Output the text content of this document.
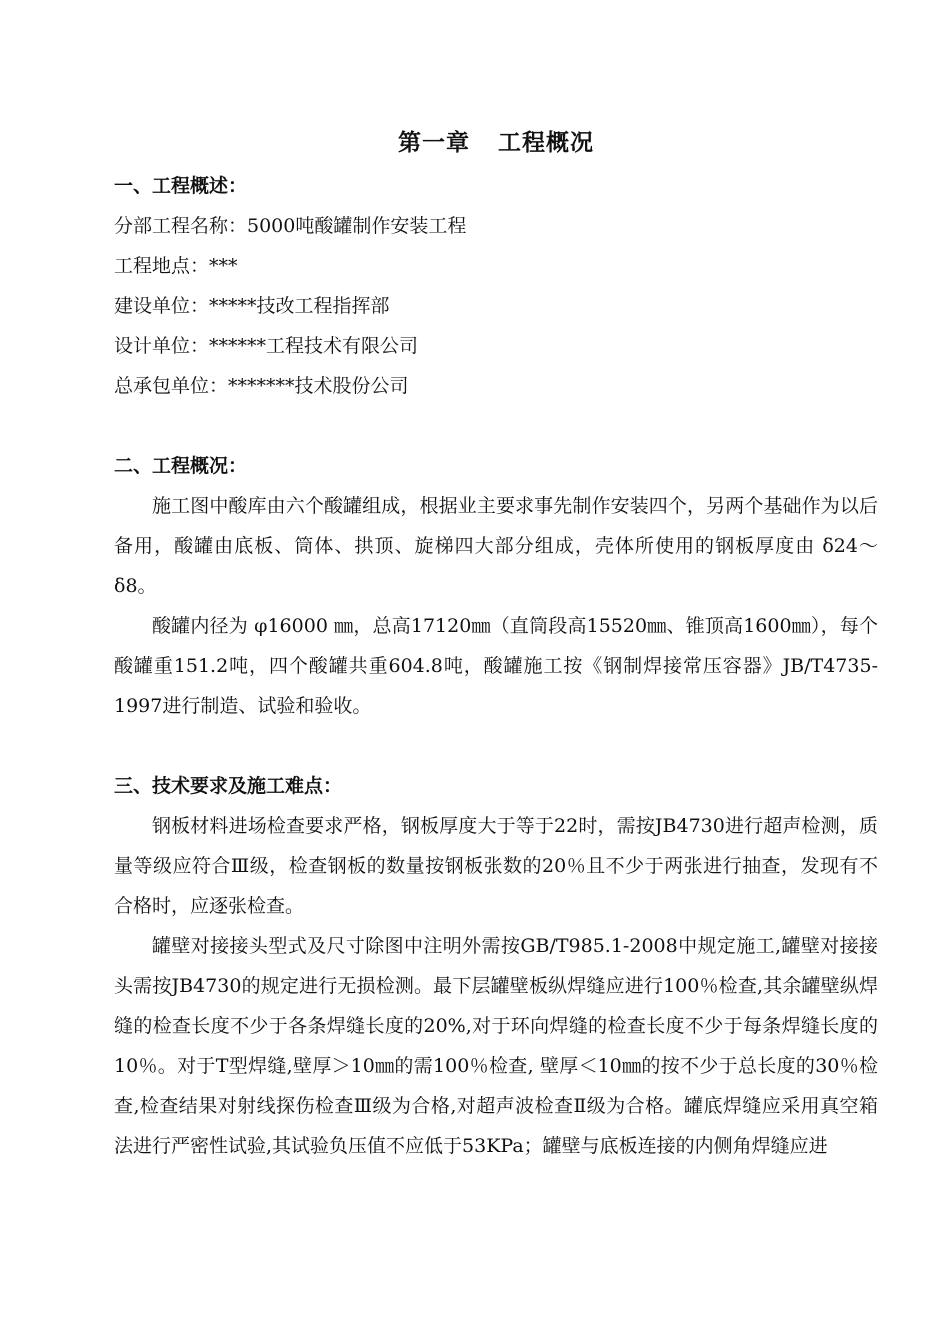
第一章 工程概况
一、工程概述：

分部工程名称：5000吨酸罐制作安装工程

工程地点：***

建设单位：*****技改工程指挥部

设计单位：******工程技术有限公司

总承包单位：*******技术股份公司

二、工程概况：

施工图中酸库由六个酸罐组成，根据业主要求事先制作安装四个，另两个基础作为以后备用，酸罐由底板、筒体、拱顶、旋梯四大部分组成，壳体所使用的钢板厚度由 δ24～δ8。

酸罐内径为 φ16000 ㎜，总高17120㎜（直筒段高15520㎜、锥顶高1600㎜），每个酸罐重151.2吨，四个酸罐共重604.8吨，酸罐施工按《钢制焊接常压容器》JB/T4735-1997进行制造、试验和验收。

三、技术要求及施工难点：

钢板材料进场检查要求严格，钢板厚度大于等于22时，需按JB4730进行超声检测，质量等级应符合Ⅲ级，检查钢板的数量按钢板张数的20％且不少于两张进行抽查，发现有不合格时，应逐张检查。

罐壁对接接头型式及尺寸除图中注明外需按GB/T985.1-2008中规定施工,罐壁对接接头需按JB4730的规定进行无损检测。最下层罐壁板纵焊缝应进行100％检查,其余罐壁纵焊缝的检查长度不少于各条焊缝长度的20%,对于环向焊缝的检查长度不少于每条焊缝长度的10％。对于T型焊缝,壁厚＞10㎜的需100％检查, 壁厚＜10㎜的按不少于总长度的30％检查,检查结果对射线探伤检查Ⅲ级为合格,对超声波检查Ⅱ级为合格。罐底焊缝应采用真空箱法进行严密性试验,其试验负压值不应低于53KPa；罐壁与底板连接的内侧角焊缝应进
